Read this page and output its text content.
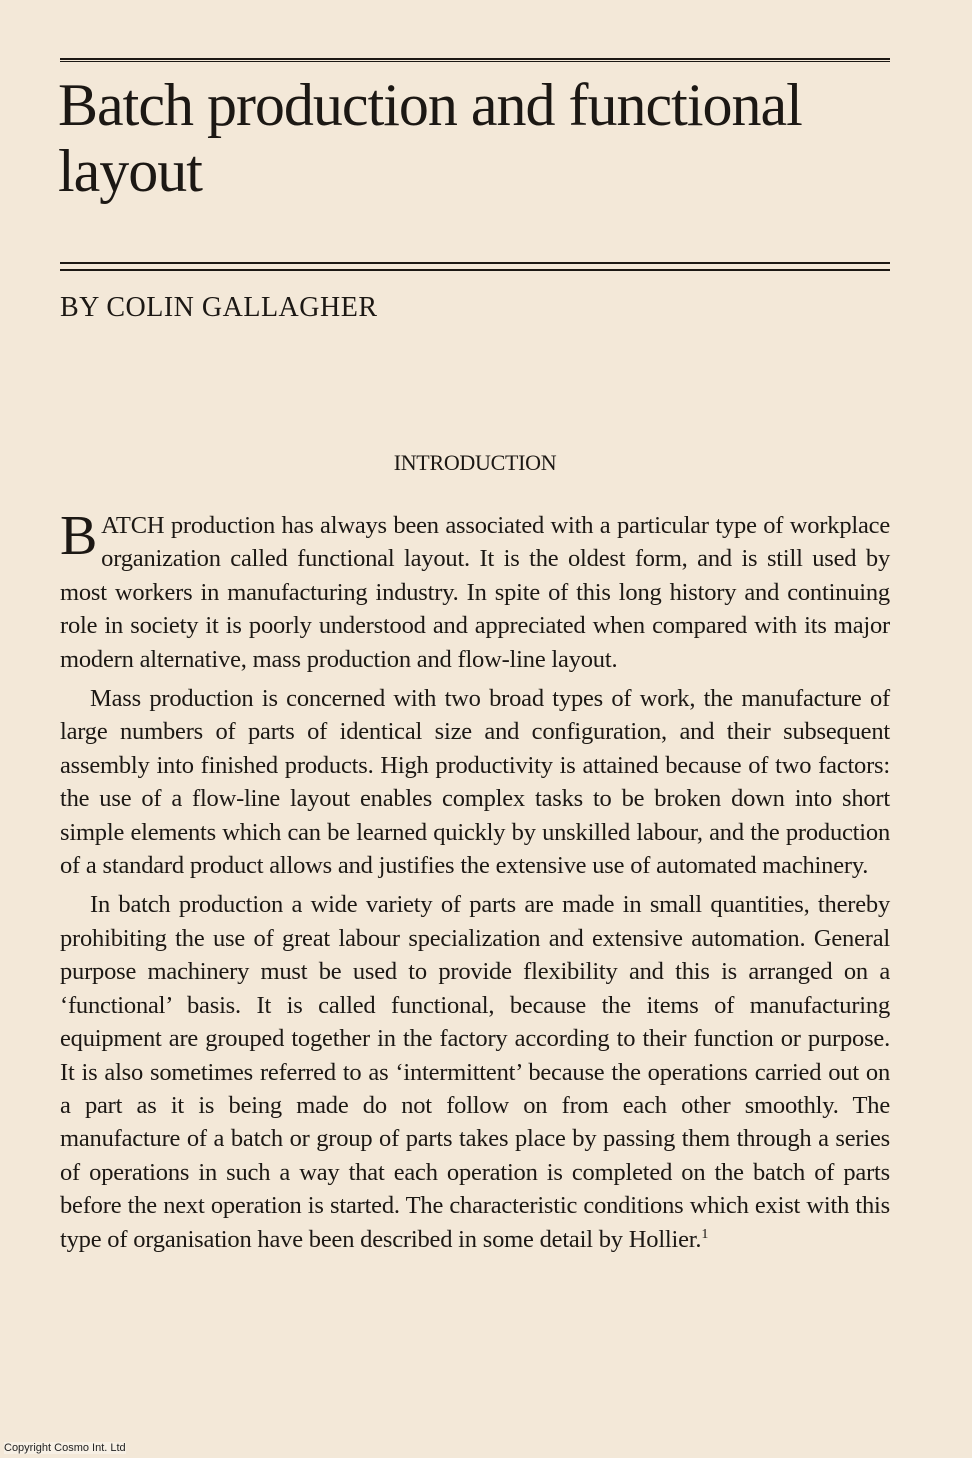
Batch production and functional layout
BY COLIN GALLAGHER
INTRODUCTION

BATCH production has always been associated with a particular type of workplace organization called functional layout. It is the oldest form, and is still used by most workers in manufacturing industry. In spite of this long history and continuing role in society it is poorly understood and appreciated when compared with its major modern alternative, mass production and flow-line layout.

Mass production is concerned with two broad types of work, the manufacture of large numbers of parts of identical size and configuration, and their subsequent assembly into finished products. High productivity is attained because of two factors: the use of a flow-line layout enables complex tasks to be broken down into short simple elements which can be learned quickly by unskilled labour, and the production of a standard product allows and justifies the extensive use of automated machinery.

In batch production a wide variety of parts are made in small quantities, thereby prohibiting the use of great labour specialization and extensive automation. General purpose machinery must be used to provide flexibility and this is arranged on a ‘functional’ basis. It is called functional, because the items of manufacturing equipment are grouped together in the factory according to their function or purpose. It is also sometimes referred to as ‘intermittent’ because the operations carried out on a part as it is being made do not follow on from each other smoothly. The manufacture of a batch or group of parts takes place by passing them through a series of operations in such a way that each operation is completed on the batch of parts before the next operation is started. The characteristic conditions which exist with this type of organisation have been described in some detail by Hollier.$^1$

Copyright Cosmo Int. Ltd
